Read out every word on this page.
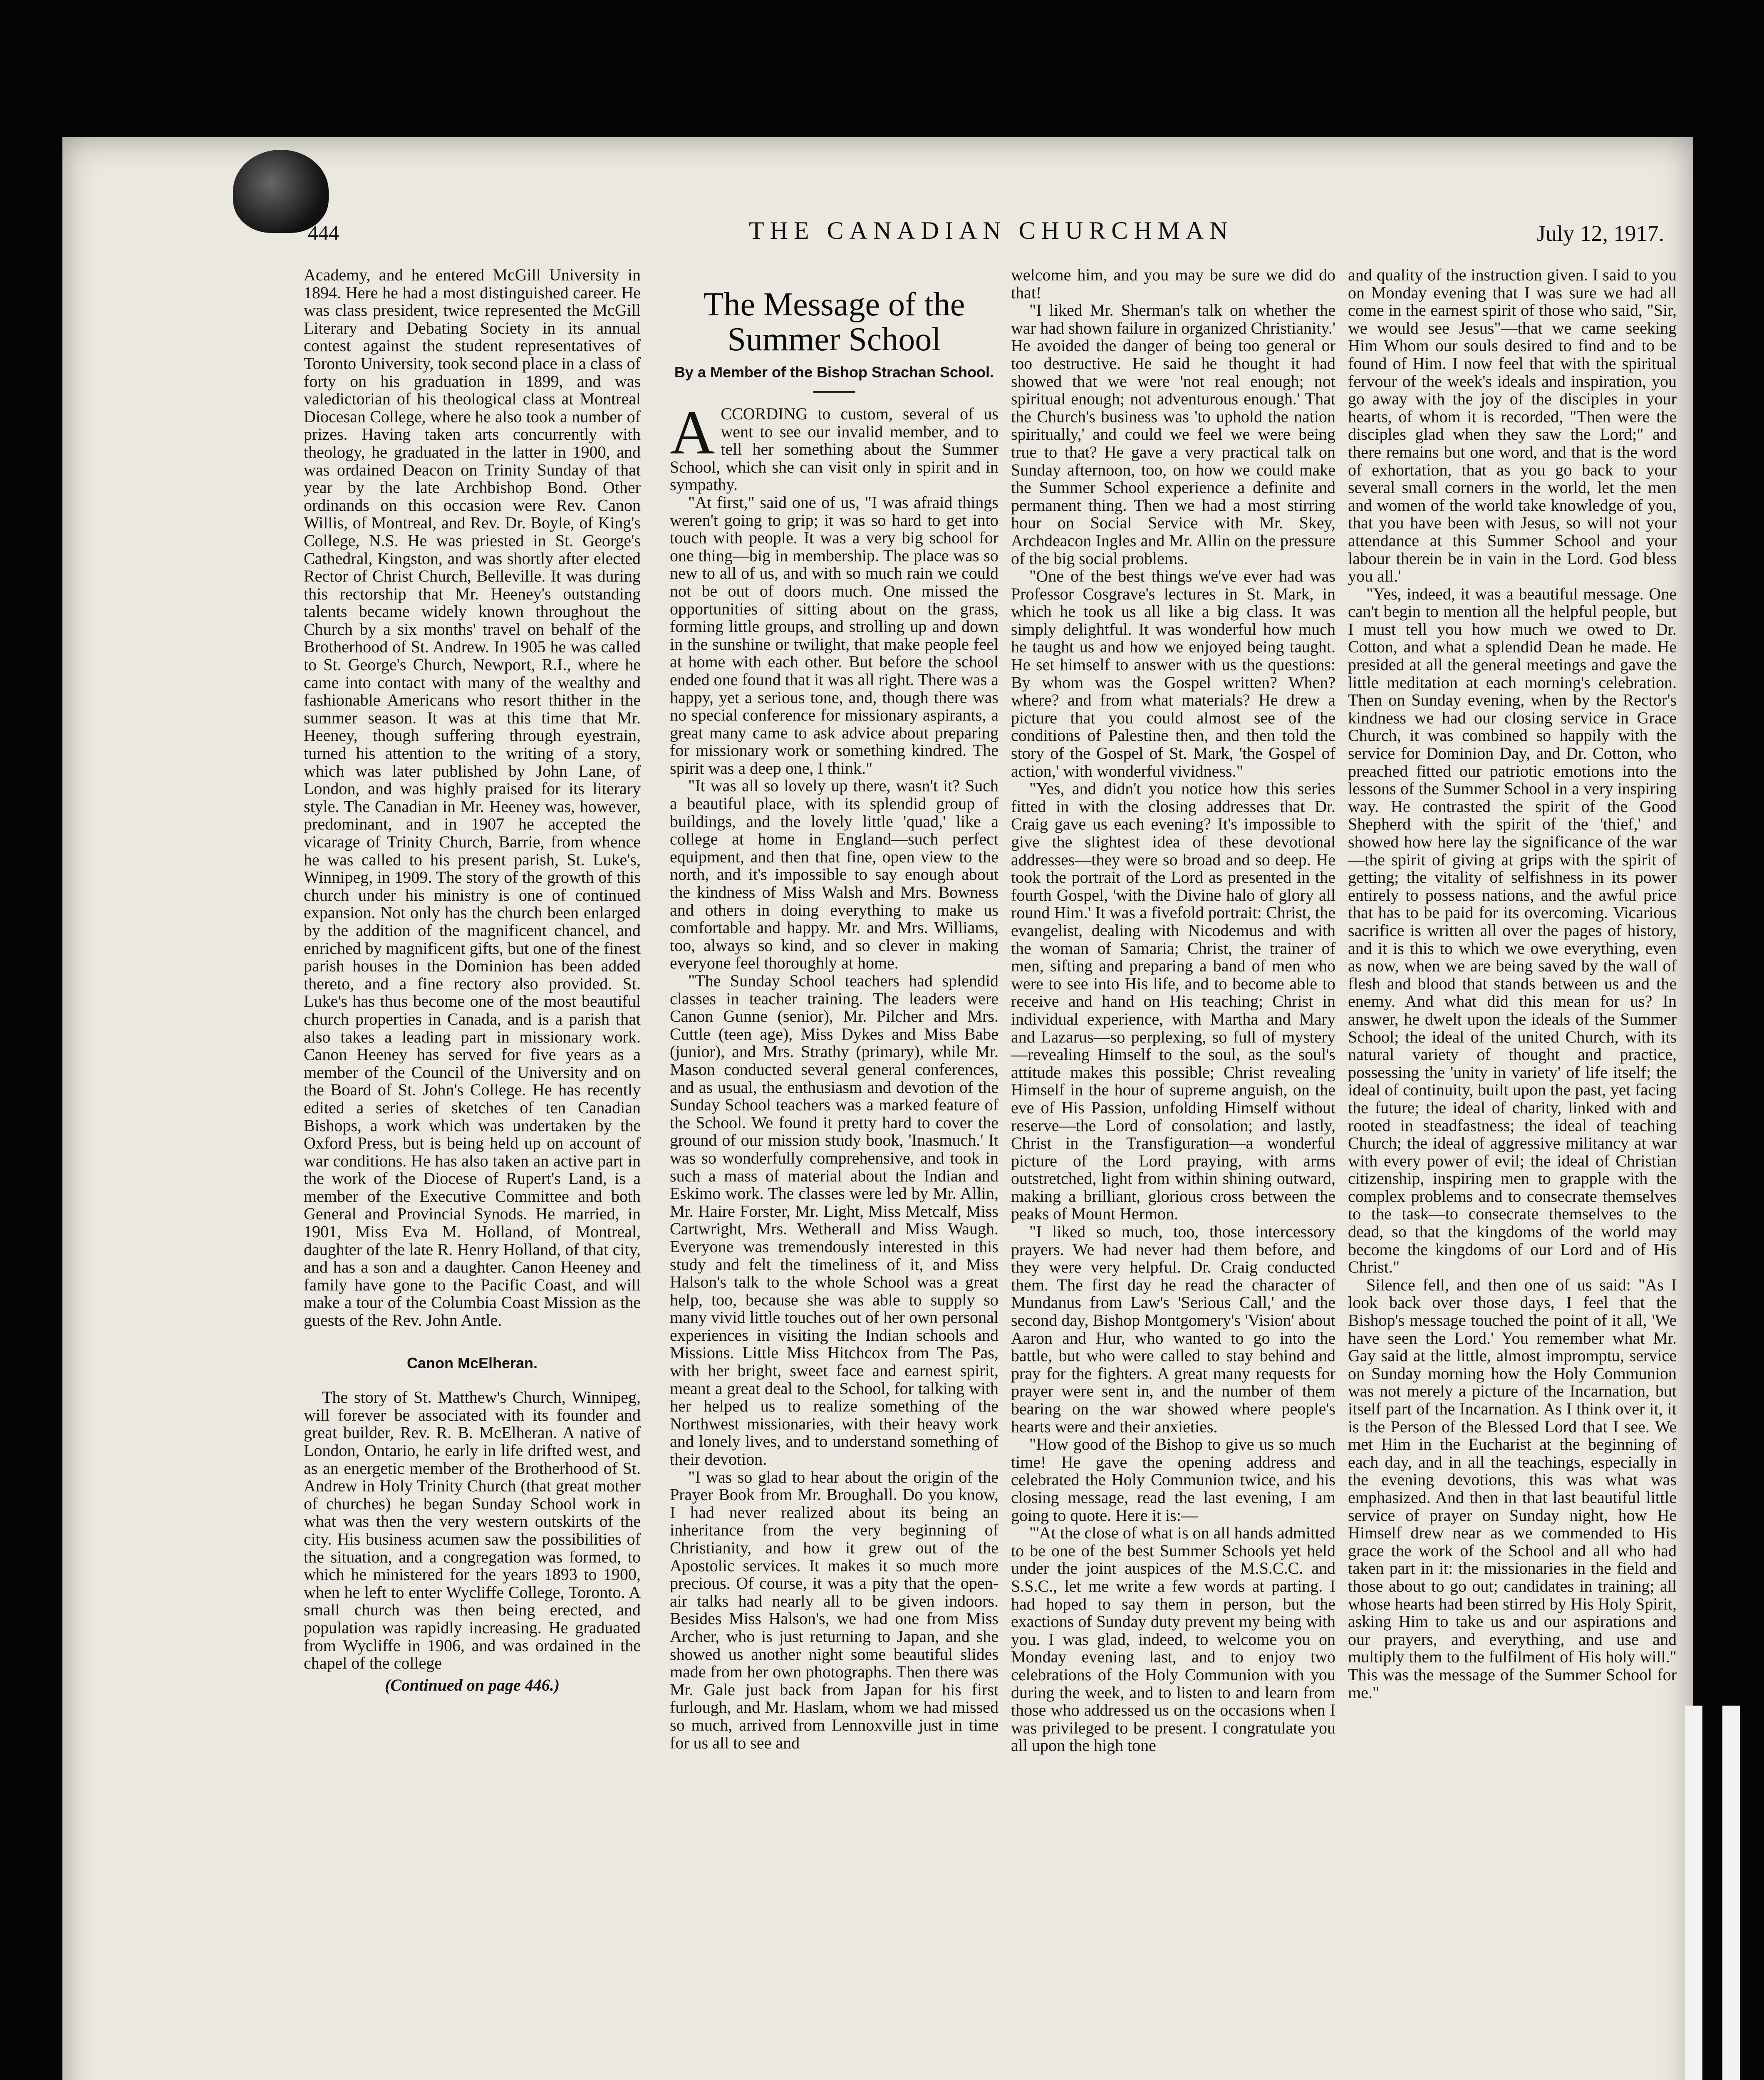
444	THE CANADIAN CHURCHMAN	July 12, 1917.

Academy, and he entered McGill University in 1894. Here he had a most distinguished career. He was class president, twice represented the McGill Literary and Debating Society in its annual contest against the student representatives of Toronto University, took second place in a class of forty on his graduation in 1899, and was valedictorian of his theological class at Montreal Diocesan College, where he also took a number of prizes. Having taken arts concurrently with theology, he graduated in the latter in 1900, and was ordained Deacon on Trinity Sunday of that year by the late Archbishop Bond. Other ordinands on this occasion were Rev. Canon Willis, of Montreal, and Rev. Dr. Boyle, of King's College, N.S. He was priested in St. George's Cathedral, Kingston, and was shortly after elected Rector of Christ Church, Belleville. It was during this rectorship that Mr. Heeney's outstanding talents became widely known throughout the Church by a six months' travel on behalf of the Brotherhood of St. Andrew. In 1905 he was called to St. George's Church, Newport, R.I., where he came into contact with many of the wealthy and fashionable Americans who resort thither in the summer season. It was at this time that Mr. Heeney, though suffering through eyestrain, turned his attention to the writing of a story, which was later published by John Lane, of London, and was highly praised for its literary style. The Canadian in Mr. Heeney was, however, predominant, and in 1907 he accepted the vicarage of Trinity Church, Barrie, from whence he was called to his present parish, St. Luke's, Winnipeg, in 1909. The story of the growth of this church under his ministry is one of continued expansion. Not only has the church been enlarged by the addition of the magnificent chancel, and enriched by magnificent gifts, but one of the finest parish houses in the Dominion has been added thereto, and a fine rectory also provided. St. Luke's has thus become one of the most beautiful church properties in Canada, and is a parish that also takes a leading part in missionary work. Canon Heeney has served for five years as a member of the Council of the University and on the Board of St. John's College. He has recently edited a series of sketches of ten Canadian Bishops, a work which was undertaken by the Oxford Press, but is being held up on account of war conditions. He has also taken an active part in the work of the Diocese of Rupert's Land, is a member of the Executive Committee and both General and Provincial Synods. He married, in 1901, Miss Eva M. Holland, of Montreal, daughter of the late R. Henry Holland, of that city, and has a son and a daughter. Canon Heeney and family have gone to the Pacific Coast, and will make a tour of the Columbia Coast Mission as the guests of the Rev. John Antle.

Canon McElheran.

The story of St. Matthew's Church, Winnipeg, will forever be associated with its founder and great builder, Rev. R. B. McElheran. A native of London, Ontario, he early in life drifted west, and as an energetic member of the Brotherhood of St. Andrew in Holy Trinity Church (that great mother of churches) he began Sunday School work in what was then the very western outskirts of the city. His business acumen saw the possibilities of the situation, and a congregation was formed, to which he ministered for the years 1893 to 1900, when he left to enter Wycliffe College, Toronto. A small church was then being erected, and population was rapidly increasing. He graduated from Wycliffe in 1906, and was ordained in the chapel of the college

(Continued on page 446.)
The Message of the Summer School
By a Member of the Bishop Strachan School.

ACCORDING to custom, several of us went to see our invalid member, and to tell her something about the Summer School, which she can visit only in spirit and in sympathy.

"At first," said one of us, "I was afraid things weren't going to grip; it was so hard to get into touch with people. It was a very big school for one thing—big in membership. The place was so new to all of us, and with so much rain we could not be out of doors much. One missed the opportunities of sitting about on the grass, forming little groups, and strolling up and down in the sunshine or twilight, that make people feel at home with each other. But before the school ended one found that it was all right. There was a happy, yet a serious tone, and, though there was no special conference for missionary aspirants, a great many came to ask advice about preparing for missionary work or something kindred. The spirit was a deep one, I think."

"It was all so lovely up there, wasn't it? Such a beautiful place, with its splendid group of buildings, and the lovely little 'quad,' like a college at home in England—such perfect equipment, and then that fine, open view to the north, and it's impossible to say enough about the kindness of Miss Walsh and Mrs. Bowness and others in doing everything to make us comfortable and happy. Mr. and Mrs. Williams, too, always so kind, and so clever in making everyone feel thoroughly at home.

"The Sunday School teachers had splendid classes in teacher training. The leaders were Canon Gunne (senior), Mr. Pilcher and Mrs. Cuttle (teen age), Miss Dykes and Miss Babe (junior), and Mrs. Strathy (primary), while Mr. Mason conducted several general conferences, and as usual, the enthusiasm and devotion of the Sunday School teachers was a marked feature of the School. We found it pretty hard to cover the ground of our mission study book, 'Inasmuch.' It was so wonderfully comprehensive, and took in such a mass of material about the Indian and Eskimo work. The classes were led by Mr. Allin, Mr. Haire Forster, Mr. Light, Miss Metcalf, Miss Cartwright, Mrs. Wetherall and Miss Waugh. Everyone was tremendously interested in this study and felt the timeliness of it, and Miss Halson's talk to the whole School was a great help, too, because she was able to supply so many vivid little touches out of her own personal experiences in visiting the Indian schools and Missions. Little Miss Hitchcox from The Pas, with her bright, sweet face and earnest spirit, meant a great deal to the School, for talking with her helped us to realize something of the Northwest missionaries, with their heavy work and lonely lives, and to understand something of their devotion.

"I was so glad to hear about the origin of the Prayer Book from Mr. Broughall. Do you know, I had never realized about its being an inheritance from the very beginning of Christianity, and how it grew out of the Apostolic services. It makes it so much more precious. Of course, it was a pity that the open-air talks had nearly all to be given indoors. Besides Miss Halson's, we had one from Miss Archer, who is just returning to Japan, and she showed us another night some beautiful slides made from her own photographs. Then there was Mr. Gale just back from Japan for his first furlough, and Mr. Haslam, whom we had missed so much, arrived from Lennoxville just in time for us all to see and

welcome him, and you may be sure we did do that!

"I liked Mr. Sherman's talk on whether the war had shown failure in organized Christianity.' He avoided the danger of being too general or too destructive. He said he thought it had showed that we were 'not real enough; not spiritual enough; not adventurous enough.' That the Church's business was 'to uphold the nation spiritually,' and could we feel we were being true to that? He gave a very practical talk on Sunday afternoon, too, on how we could make the Summer School experience a definite and permanent thing. Then we had a most stirring hour on Social Service with Mr. Skey, Archdeacon Ingles and Mr. Allin on the pressure of the big social problems.

"One of the best things we've ever had was Professor Cosgrave's lectures in St. Mark, in which he took us all like a big class. It was simply delightful. It was wonderful how much he taught us and how we enjoyed being taught. He set himself to answer with us the questions: By whom was the Gospel written? When? where? and from what materials? He drew a picture that you could almost see of the conditions of Palestine then, and then told the story of the Gospel of St. Mark, 'the Gospel of action,' with wonderful vividness."

"Yes, and didn't you notice how this series fitted in with the closing addresses that Dr. Craig gave us each evening? It's impossible to give the slightest idea of these devotional addresses—they were so broad and so deep. He took the portrait of the Lord as presented in the fourth Gospel, 'with the Divine halo of glory all round Him.' It was a fivefold portrait: Christ, the evangelist, dealing with Nicodemus and with the woman of Samaria; Christ, the trainer of men, sifting and preparing a band of men who were to see into His life, and to become able to receive and hand on His teaching; Christ in individual experience, with Martha and Mary and Lazarus—so perplexing, so full of mystery—revealing Himself to the soul, as the soul's attitude makes this possible; Christ revealing Himself in the hour of supreme anguish, on the eve of His Passion, unfolding Himself without reserve—the Lord of consolation; and lastly, Christ in the Transfiguration—a wonderful picture of the Lord praying, with arms outstretched, light from within shining outward, making a brilliant, glorious cross between the peaks of Mount Hermon.

"I liked so much, too, those intercessory prayers. We had never had them before, and they were very helpful. Dr. Craig conducted them. The first day he read the character of Mundanus from Law's 'Serious Call,' and the second day, Bishop Montgomery's 'Vision' about Aaron and Hur, who wanted to go into the battle, but who were called to stay behind and pray for the fighters. A great many requests for prayer were sent in, and the number of them bearing on the war showed where people's hearts were and their anxieties.

"How good of the Bishop to give us so much time! He gave the opening address and celebrated the Holy Communion twice, and his closing message, read the last evening, I am going to quote. Here it is:—

"'At the close of what is on all hands admitted to be one of the best Summer Schools yet held under the joint auspices of the M.S.C.C. and S.S.C., let me write a few words at parting. I had hoped to say them in person, but the exactions of Sunday duty prevent my being with you. I was glad, indeed, to welcome you on Monday evening last, and to enjoy two celebrations of the Holy Communion with you during the week, and to listen to and learn from those who addressed us on the occasions when I was privileged to be present. I congratulate you all upon the high tone

and quality of the instruction given. I said to you on Monday evening that I was sure we had all come in the earnest spirit of those who said, "Sir, we would see Jesus"—that we came seeking Him Whom our souls desired to find and to be found of Him. I now feel that with the spiritual fervour of the week's ideals and inspiration, you go away with the joy of the disciples in your hearts, of whom it is recorded, "Then were the disciples glad when they saw the Lord;" and there remains but one word, and that is the word of exhortation, that as you go back to your several small corners in the world, let the men and women of the world take knowledge of you, that you have been with Jesus, so will not your attendance at this Summer School and your labour therein be in vain in the Lord. God bless you all.'

"Yes, indeed, it was a beautiful message. One can't begin to mention all the helpful people, but I must tell you how much we owed to Dr. Cotton, and what a splendid Dean he made. He presided at all the general meetings and gave the little meditation at each morning's celebration. Then on Sunday evening, when by the Rector's kindness we had our closing service in Grace Church, it was combined so happily with the service for Dominion Day, and Dr. Cotton, who preached fitted our patriotic emotions into the lessons of the Summer School in a very inspiring way. He contrasted the spirit of the Good Shepherd with the spirit of the 'thief,' and showed how here lay the significance of the war—the spirit of giving at grips with the spirit of getting; the vitality of selfishness in its power entirely to possess nations, and the awful price that has to be paid for its overcoming. Vicarious sacrifice is written all over the pages of history, and it is this to which we owe everything, even as now, when we are being saved by the wall of flesh and blood that stands between us and the enemy. And what did this mean for us? In answer, he dwelt upon the ideals of the Summer School; the ideal of the united Church, with its natural variety of thought and practice, possessing the 'unity in variety' of life itself; the ideal of continuity, built upon the past, yet facing the future; the ideal of charity, linked with and rooted in steadfastness; the ideal of teaching Church; the ideal of aggressive militancy at war with every power of evil; the ideal of Christian citizenship, inspiring men to grapple with the complex problems and to consecrate themselves to the task—to consecrate themselves to the dead, so that the kingdoms of the world may become the kingdoms of our Lord and of His Christ."

Silence fell, and then one of us said: "As I look back over those days, I feel that the Bishop's message touched the point of it all, 'We have seen the Lord.' You remember what Mr. Gay said at the little, almost impromptu, service on Sunday morning how the Holy Communion was not merely a picture of the Incarnation, but itself part of the Incarnation. As I think over it, it is the Person of the Blessed Lord that I see. We met Him in the Eucharist at the beginning of each day, and in all the teachings, especially in the evening devotions, this was what was emphasized. And then in that last beautiful little service of prayer on Sunday night, how He Himself drew near as we commended to His grace the work of the School and all who had taken part in it: the missionaries in the field and those about to go out; candidates in training; all whose hearts had been stirred by His Holy Spirit, asking Him to take us and our aspirations and our prayers, and everything, and use and multiply them to the fulfilment of His holy will." This was the message of the Summer School for me."
